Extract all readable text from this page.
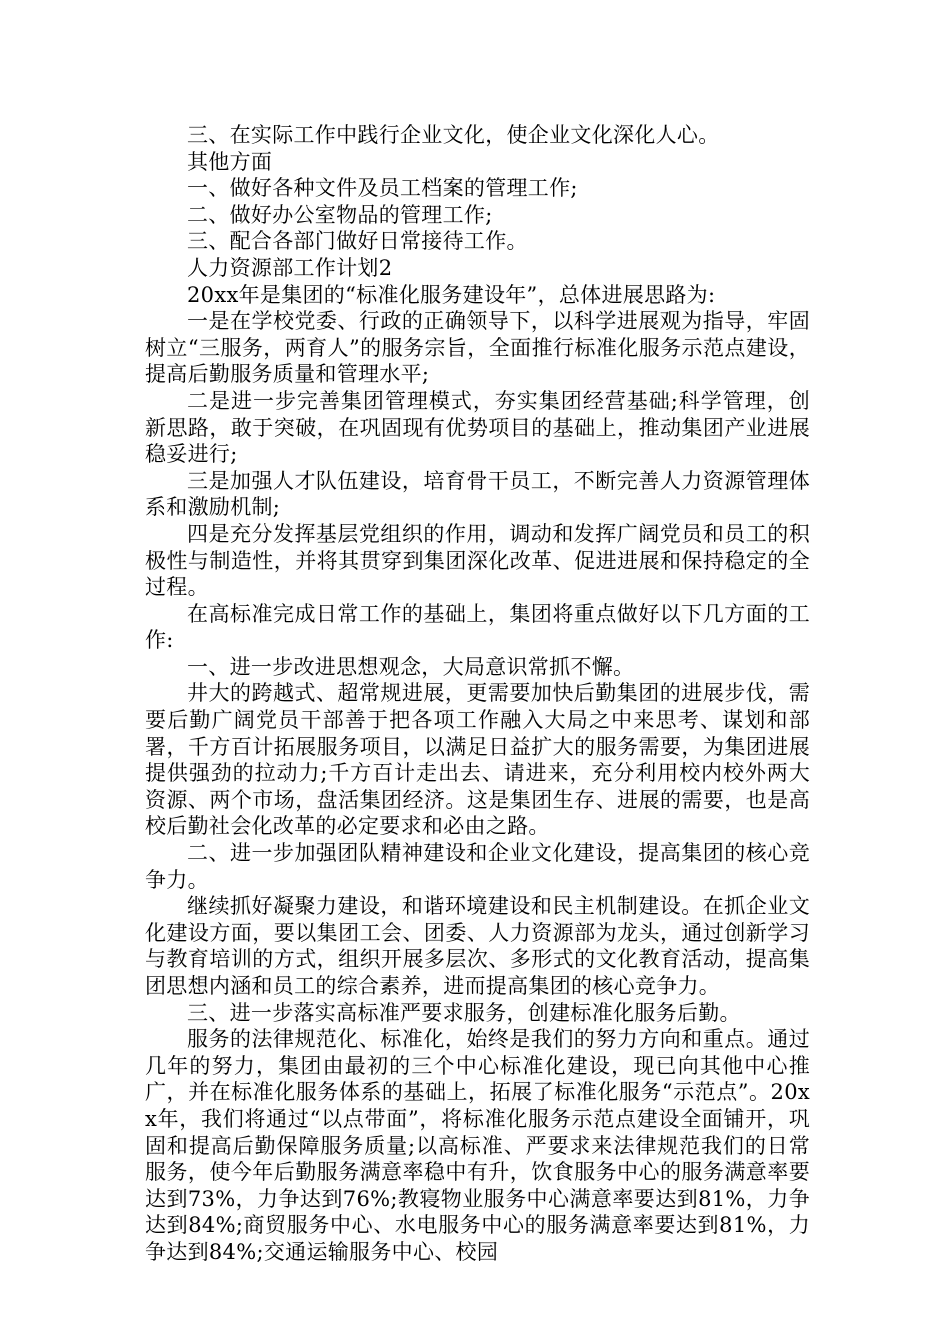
三、在实际工作中践行企业文化，使企业文化深化人心。

其他方面

一、做好各种文件及员工档案的管理工作;

二、做好办公室物品的管理工作;

三、配合各部门做好日常接待工作。

人力资源部工作计划2

20xx年是集团的“标准化服务建设年”，总体进展思路为:

一是在学校党委、行政的正确领导下，以科学进展观为指导，牢固树立“三服务，两育人”的服务宗旨，全面推行标准化服务示范点建设，提高后勤服务质量和管理水平;

二是进一步完善集团管理模式，夯实集团经营基础;科学管理，创新思路，敢于突破，在巩固现有优势项目的基础上，推动集团产业进展稳妥进行;

三是加强人才队伍建设，培育骨干员工，不断完善人力资源管理体系和激励机制;

四是充分发挥基层党组织的作用，调动和发挥广阔党员和员工的积极性与制造性，并将其贯穿到集团深化改革、促进进展和保持稳定的全过程。

在高标准完成日常工作的基础上，集团将重点做好以下几方面的工作:

一、进一步改进思想观念，大局意识常抓不懈。

井大的跨越式、超常规进展，更需要加快后勤集团的进展步伐，需要后勤广阔党员干部善于把各项工作融入大局之中来思考、谋划和部署，千方百计拓展服务项目，以满足日益扩大的服务需要，为集团进展提供强劲的拉动力;千方百计走出去、请进来，充分利用校内校外两大资源、两个市场，盘活集团经济。这是集团生存、进展的需要，也是高校后勤社会化改革的必定要求和必由之路。

二、进一步加强团队精神建设和企业文化建设，提高集团的核心竞争力。

继续抓好凝聚力建设，和谐环境建设和民主机制建设。在抓企业文化建设方面，要以集团工会、团委、人力资源部为龙头，通过创新学习与教育培训的方式，组织开展多层次、多形式的文化教育活动，提高集团思想内涵和员工的综合素养，进而提高集团的核心竞争力。

三、进一步落实高标准严要求服务，创建标准化服务后勤。

服务的法律规范化、标准化，始终是我们的努力方向和重点。通过几年的努力，集团由最初的三个中心标准化建设，现已向其他中心推广，并在标准化服务体系的基础上，拓展了标准化服务“示范点”。20xx年，我们将通过“以点带面”，将标准化服务示范点建设全面铺开，巩固和提高后勤保障服务质量;以高标准、严要求来法律规范我们的日常服务，使今年后勤服务满意率稳中有升，饮食服务中心的服务满意率要达到73%，力争达到76%;教寝物业服务中心满意率要达到81%，力争达到84%;商贸服务中心、水电服务中心的服务满意率要达到81%，力争达到84%;交通运输服务中心、校园
